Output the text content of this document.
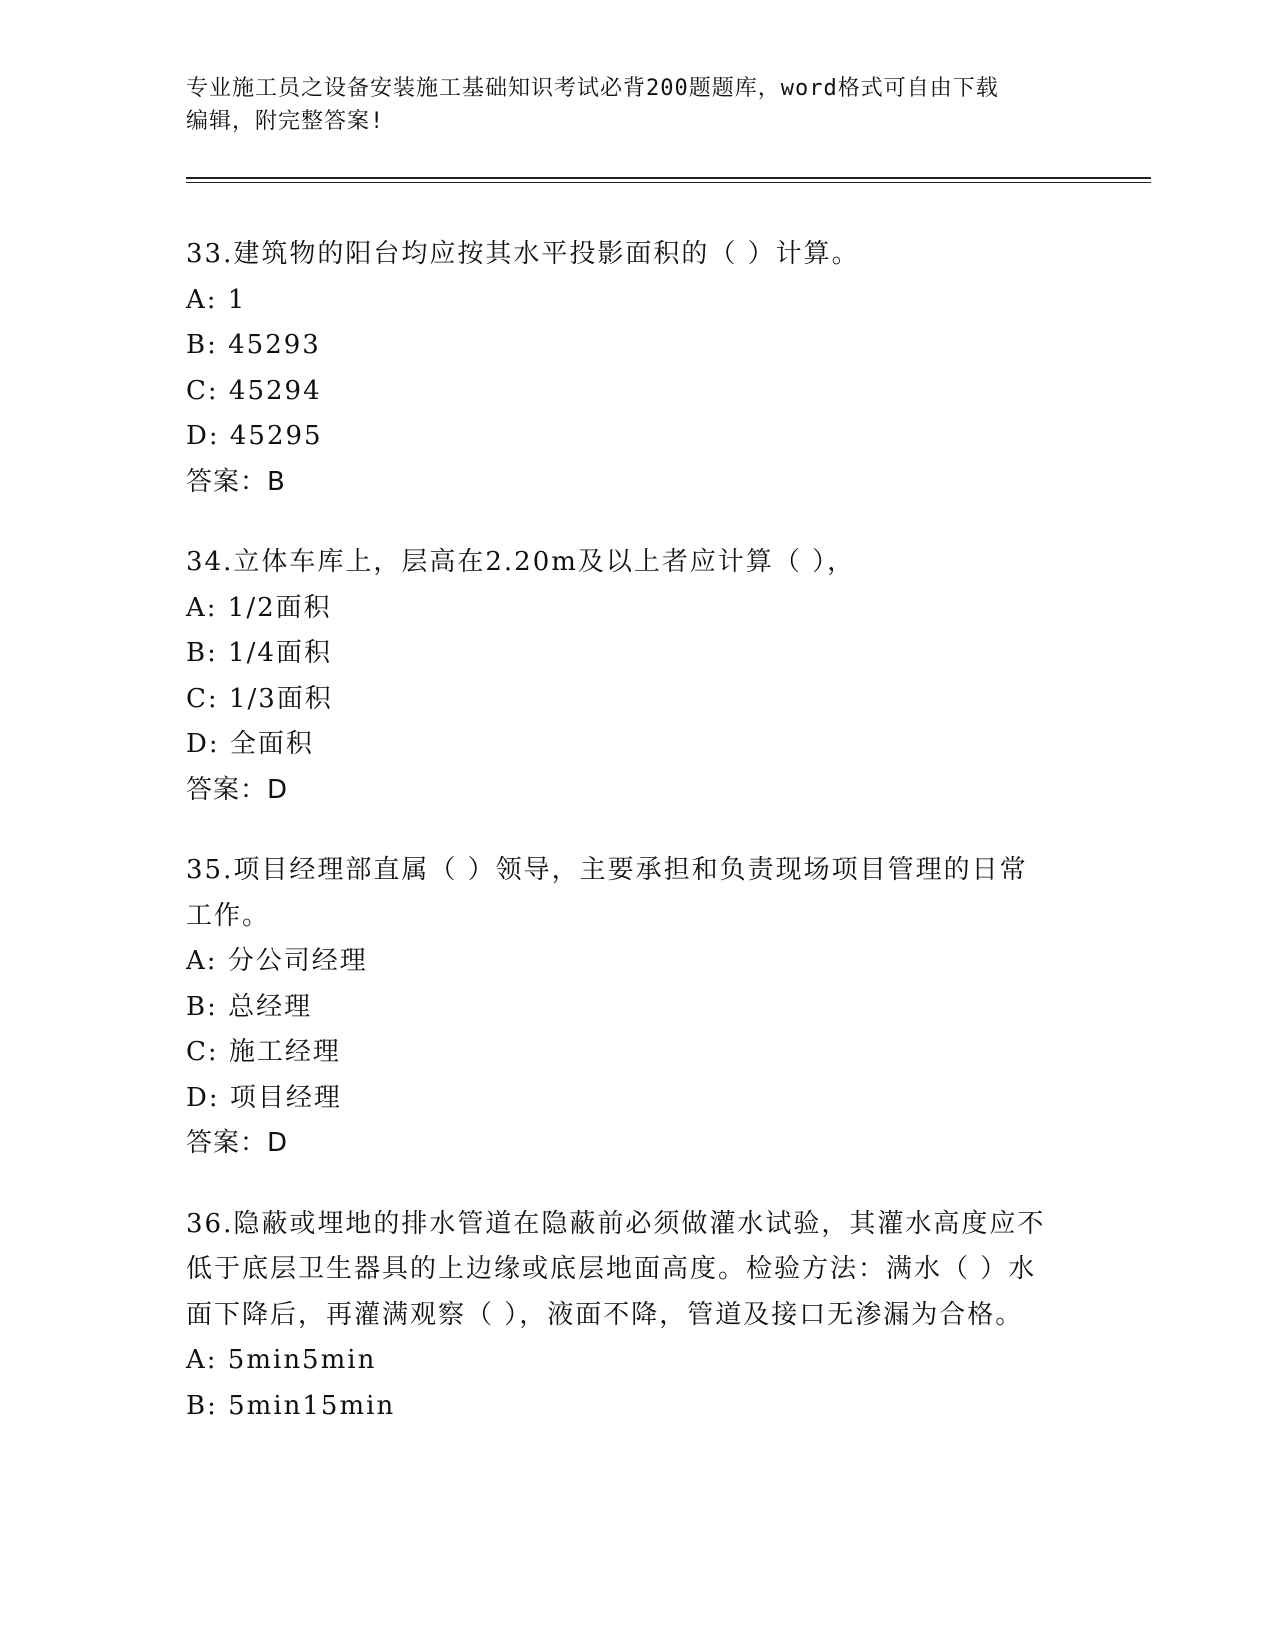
专业施工员之设备安装施工基础知识考试必背200题题库，word格式可自由下载
编辑，附完整答案!
33.建筑物的阳台均应按其水平投影面积的（ ）计算。
A: 1
B: 45293
C: 45294
D: 45295
答案：B
34.立体车库上，层高在2.20m及以上者应计算（ ），
A: 1/2面积
B: 1/4面积
C: 1/3面积
D: 全面积
答案：D
35.项目经理部直属（ ）领导，主要承担和负责现场项目管理的日常
工作。
A: 分公司经理
B: 总经理
C: 施工经理
D: 项目经理
答案：D
36.隐蔽或埋地的排水管道在隐蔽前必须做灌水试验，其灌水高度应不
低于底层卫生器具的上边缘或底层地面高度。检验方法：满水（ ）水
面下降后，再灌满观察（ ），液面不降，管道及接口无渗漏为合格。
A: 5min5min
B: 5min15min
